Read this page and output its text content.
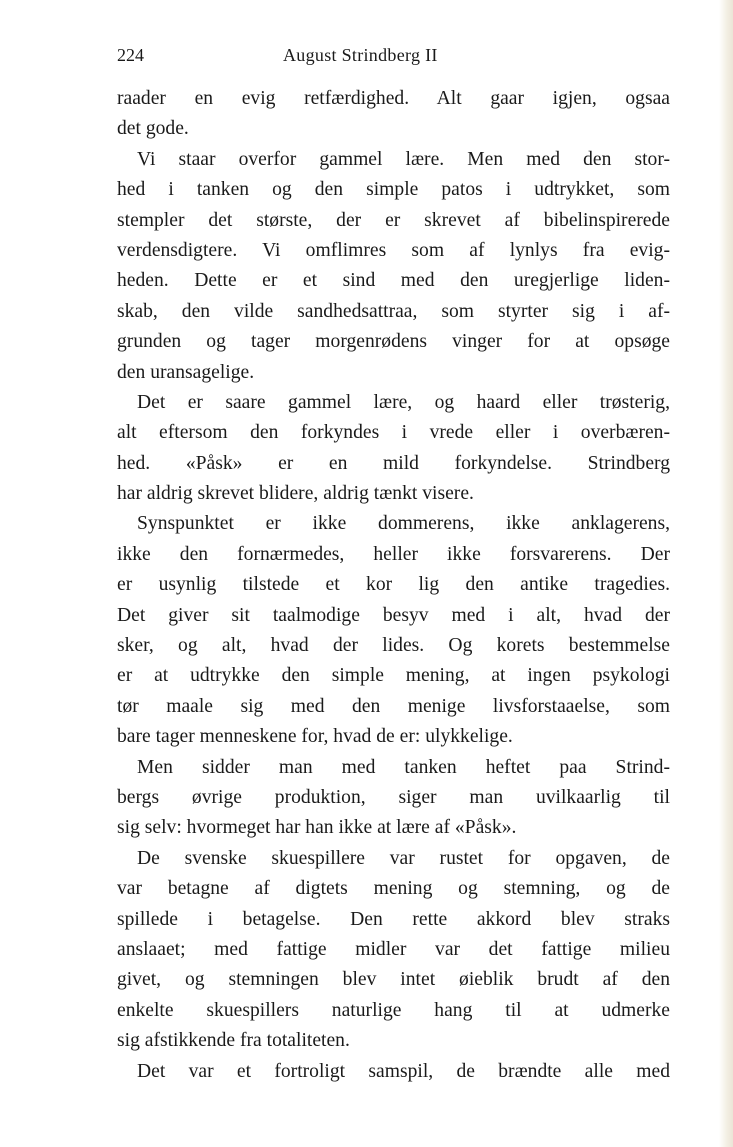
224	August Strindberg II
raader en evig retfærdighed. Alt gaar igjen, ogsaa
det gode.
Vi staar overfor gammel lære. Men med den stor-
hed i tanken og den simple patos i udtrykket, som
stempler det største, der er skrevet af bibelinspirerede
verdensdigtere. Vi omflimres som af lynlys fra evig-
heden. Dette er et sind med den uregjerlige liden-
skab, den vilde sandhedsattraa, som styrter sig i af-
grunden og tager morgenrødens vinger for at opsøge
den uransagelige.
Det er saare gammel lære, og haard eller trøsterig,
alt eftersom den forkyndes i vrede eller i overbæren-
hed. «Påsk» er en mild forkyndelse. Strindberg
har aldrig skrevet blidere, aldrig tænkt visere.
Synspunktet er ikke dommerens, ikke anklagerens,
ikke den fornærmedes, heller ikke forsvarerens. Der
er usynlig tilstede et kor lig den antike tragedies.
Det giver sit taalmodige besyv med i alt, hvad der
sker, og alt, hvad der lides. Og korets bestemmelse
er at udtrykke den simple mening, at ingen psykologi
tør maale sig med den menige livsforstaaelse, som
bare tager menneskene for, hvad de er: ulykkelige.
Men sidder man med tanken heftet paa Strind-
bergs øvrige produktion, siger man uvilkaarlig til
sig selv: hvormeget har han ikke at lære af «Påsk».
De svenske skuespillere var rustet for opgaven, de
var betagne af digtets mening og stemning, og de
spillede i betagelse. Den rette akkord blev straks
anslaaet; med fattige midler var det fattige milieu
givet, og stemningen blev intet øieblik brudt af den
enkelte skuespillers naturlige hang til at udmerke
sig afstikkende fra totaliteten.
Det var et fortroligt samspil, de brændte alle med
